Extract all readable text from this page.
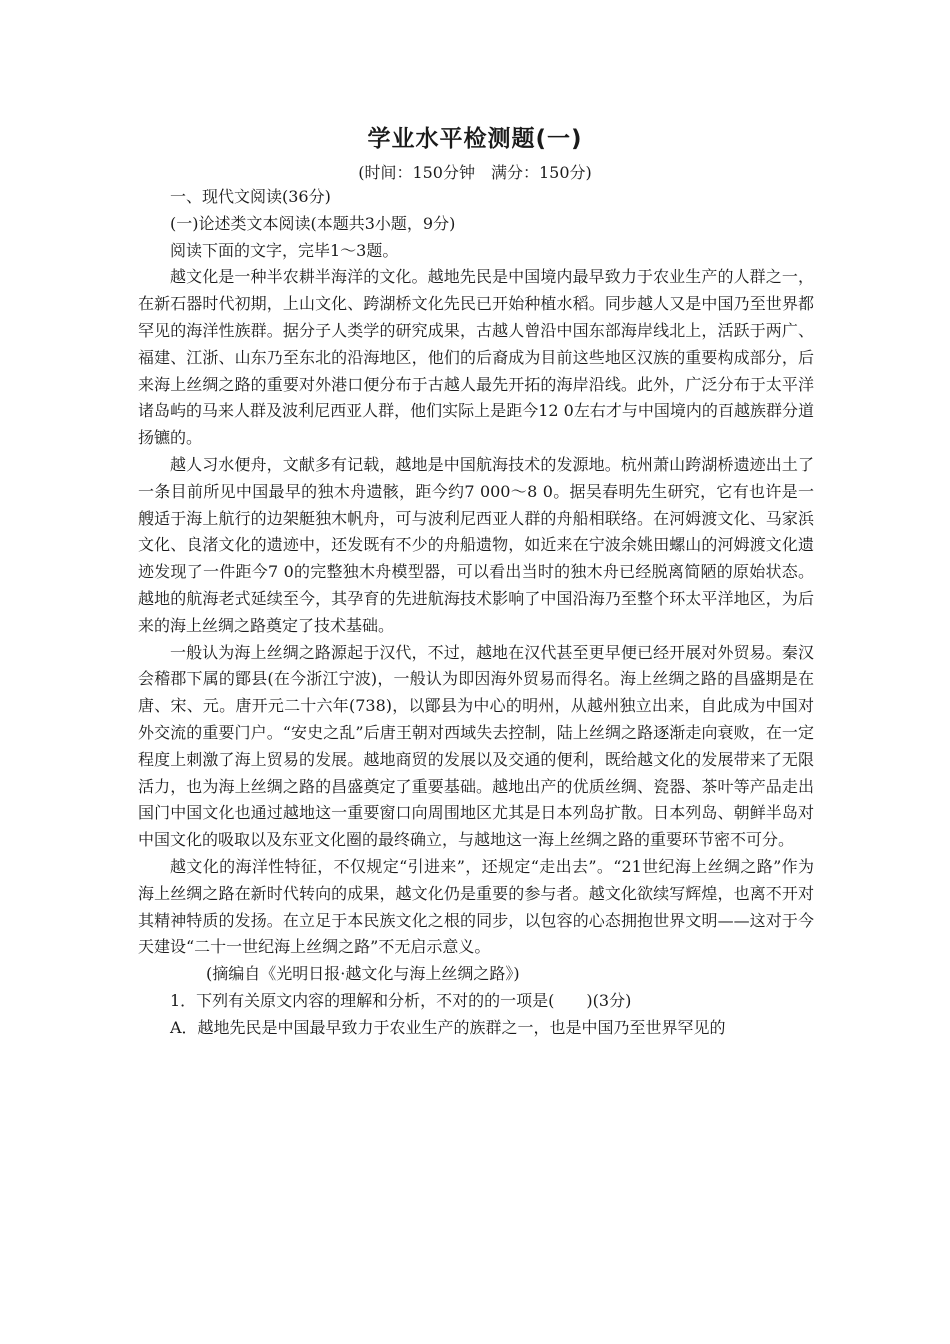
学业水平检测题(一)
(时间：150分钟　满分：150分)

一、现代文阅读(36分)

(一)论述类文本阅读(本题共3小题，9分)

阅读下面的文字，完毕1～3题。

越文化是一种半农耕半海洋的文化。越地先民是中国境内最早致力于农业生产的人群之一，在新石器时代初期，上山文化、跨湖桥文化先民已开始种植水稻。同步越人又是中国乃至世界都罕见的海洋性族群。据分子人类学的研究成果，古越人曾沿中国东部海岸线北上，活跃于两广、福建、江浙、山东乃至东北的沿海地区，他们的后裔成为目前这些地区汉族的重要构成部分，后来海上丝绸之路的重要对外港口便分布于古越人最先开拓的海岸沿线。此外，广泛分布于太平洋诸岛屿的马来人群及波利尼西亚人群，他们实际上是距今12 0左右才与中国境内的百越族群分道扬镳的。

越人习水便舟，文献多有记载，越地是中国航海技术的发源地。杭州萧山跨湖桥遗迹出土了一条目前所见中国最早的独木舟遗骸，距今约7 000～8 0。据吴春明先生研究，它有也许是一艘适于海上航行的边架艇独木帆舟，可与波利尼西亚人群的舟船相联络。在河姆渡文化、马家浜文化、良渚文化的遗迹中，还发既有不少的舟船遗物，如近来在宁波余姚田螺山的河姆渡文化遗迹发现了一件距今7 0的完整独木舟模型器，可以看出当时的独木舟已经脱离简陋的原始状态。越地的航海老式延续至今，其孕育的先进航海技术影响了中国沿海乃至整个环太平洋地区，为后来的海上丝绸之路奠定了技术基础。

一般认为海上丝绸之路源起于汉代，不过，越地在汉代甚至更早便已经开展对外贸易。秦汉会稽郡下属的鄮县(在今浙江宁波)，一般认为即因海外贸易而得名。海上丝绸之路的昌盛期是在唐、宋、元。唐开元二十六年(738)，以鄮县为中心的明州，从越州独立出来，自此成为中国对外交流的重要门户。“安史之乱”后唐王朝对西域失去控制，陆上丝绸之路逐渐走向衰败，在一定程度上刺激了海上贸易的发展。越地商贸的发展以及交通的便利，既给越文化的发展带来了无限活力，也为海上丝绸之路的昌盛奠定了重要基础。越地出产的优质丝绸、瓷器、茶叶等产品走出国门中国文化也通过越地这一重要窗口向周围地区尤其是日本列岛扩散。日本列岛、朝鲜半岛对中国文化的吸取以及东亚文化圈的最终确立，与越地这一海上丝绸之路的重要环节密不可分。

越文化的海洋性特征，不仅规定“引进来”，还规定“走出去”。“21世纪海上丝绸之路”作为海上丝绸之路在新时代转向的成果，越文化仍是重要的参与者。越文化欲续写辉煌，也离不开对其精神特质的发扬。在立足于本民族文化之根的同步，以包容的心态拥抱世界文明——这对于今天建设“二十一世纪海上丝绸之路”不无启示意义。

(摘编自《光明日报·越文化与海上丝绸之路》)

1．下列有关原文内容的理解和分析，不对的的一项是(　　)(3分)

A．越地先民是中国最早致力于农业生产的族群之一，也是中国乃至世界罕见的
